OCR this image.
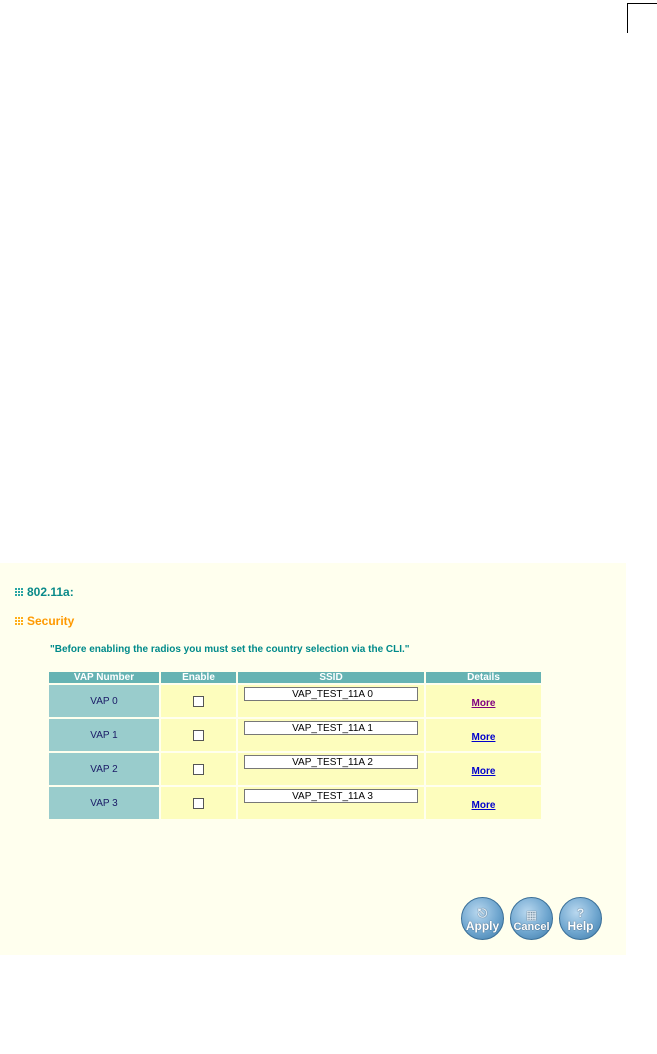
802.11a:
Security
"Before enabling the radios you must set the country selection via the CLI."
VAP Number	Enable	SSID	Details
VAP 0		VAP_TEST_11A 0	More
VAP 1		VAP_TEST_11A 1	More
VAP 2		VAP_TEST_11A 2	More
VAP 3		VAP_TEST_11A 3	More
⎋
Apply
▦
Cancel
?
Help
